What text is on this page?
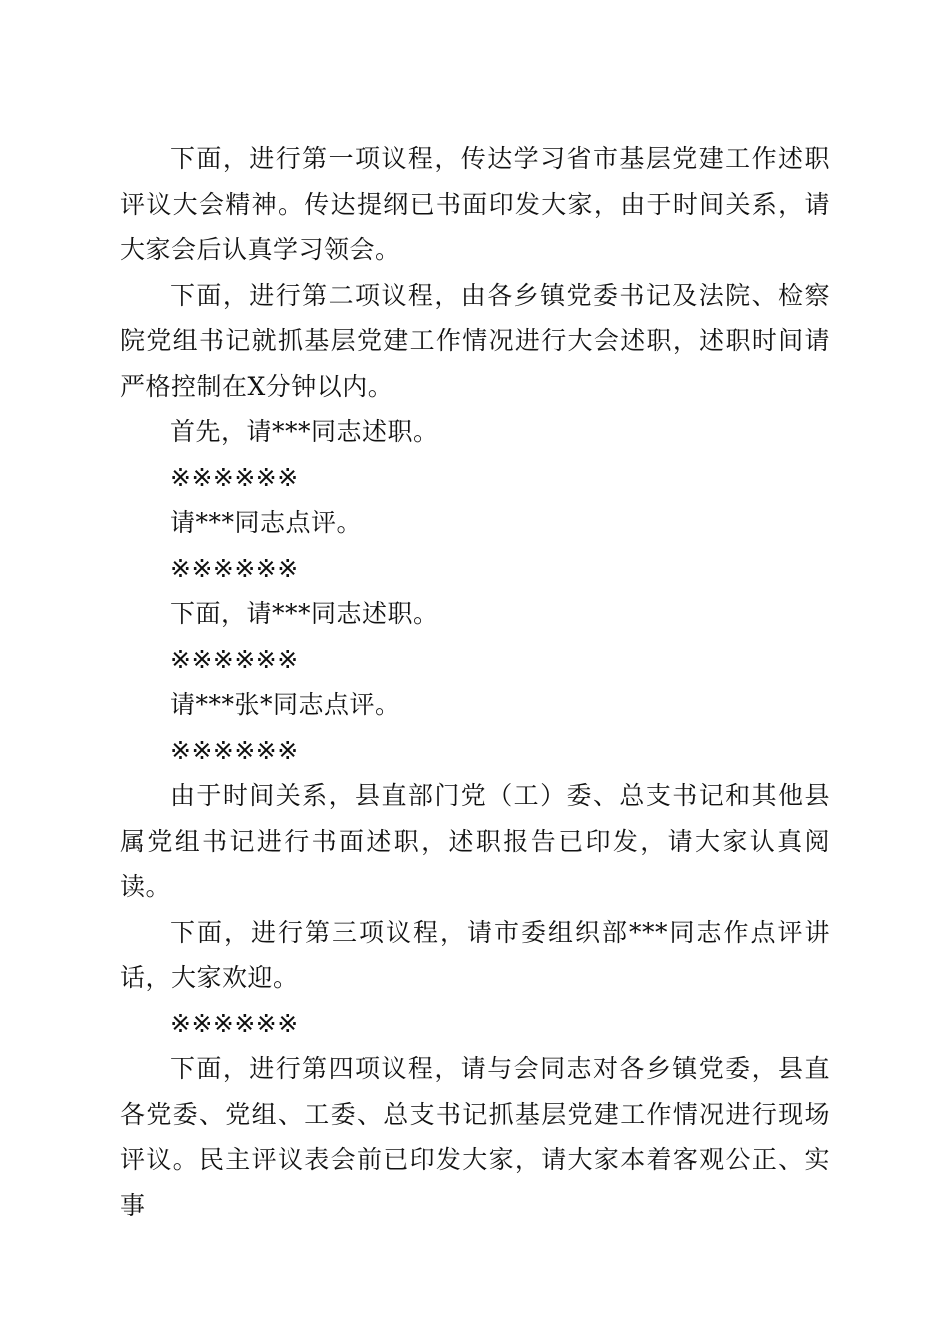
下面，进行第一项议程，传达学习省市基层党建工作述职评议大会精神。传达提纲已书面印发大家，由于时间关系，请大家会后认真学习领会。

下面，进行第二项议程，由各乡镇党委书记及法院、检察院党组书记就抓基层党建工作情况进行大会述职，述职时间请严格控制在X分钟以内。

首先，请***同志述职。

※※※※※※

请***同志点评。

※※※※※※

下面，请***同志述职。

※※※※※※

请***张*同志点评。

※※※※※※

由于时间关系，县直部门党（工）委、总支书记和其他县属党组书记进行书面述职，述职报告已印发，请大家认真阅读。

下面，进行第三项议程，请市委组织部***同志作点评讲话，大家欢迎。

※※※※※※

下面，进行第四项议程，请与会同志对各乡镇党委，县直各党委、党组、工委、总支书记抓基层党建工作情况进行现场评议。民主评议表会前已印发大家，请大家本着客观公正、实事
